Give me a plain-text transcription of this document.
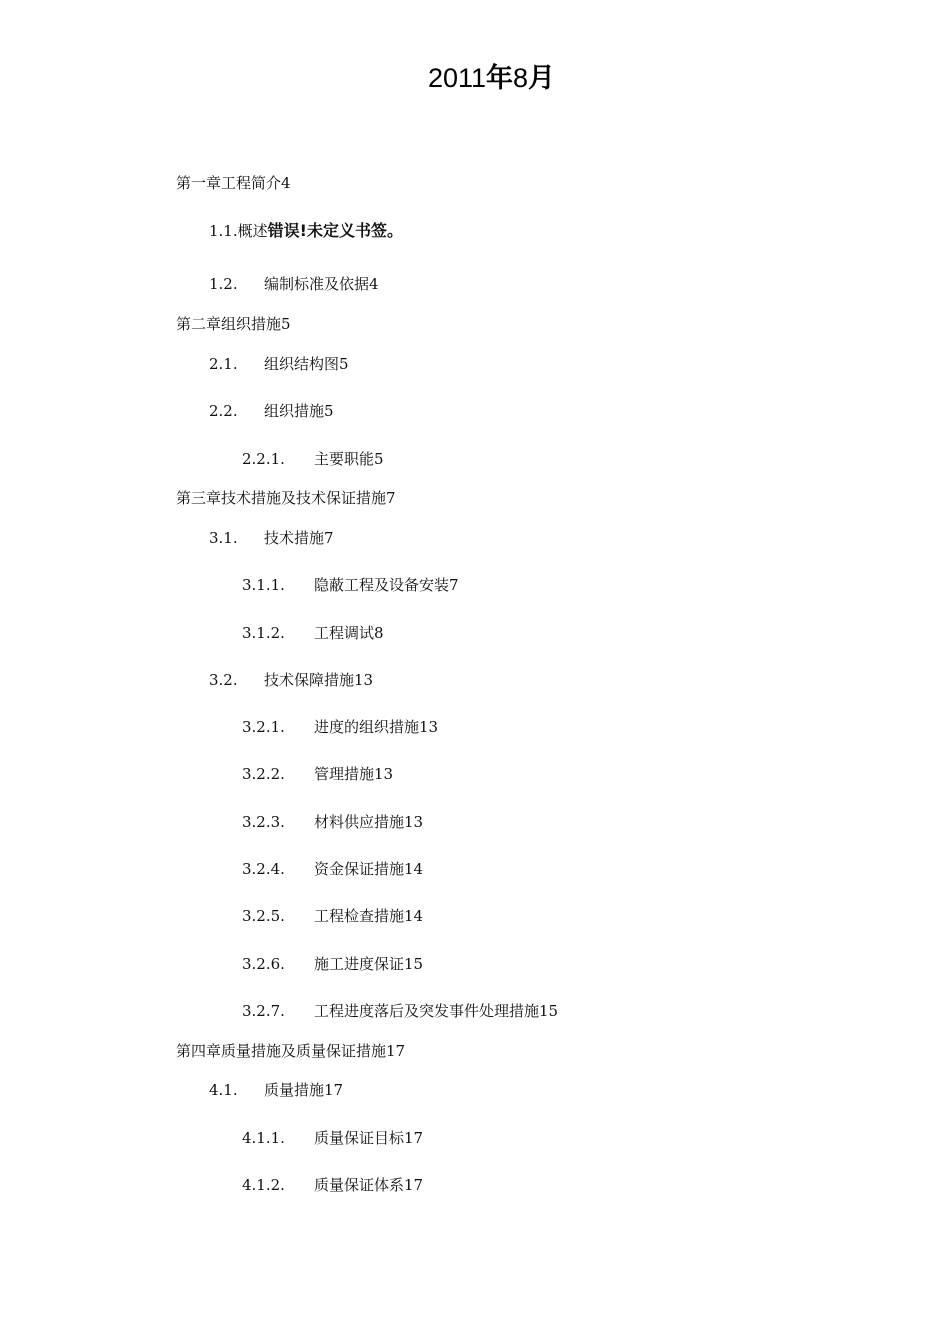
2011年8月
第一章工程简介4
1.1.概述错误!未定义书签。
1.2. 编制标准及依据4
第二章组织措施5
2.1. 组织结构图5
2.2. 组织措施5
2.2.1. 主要职能5
第三章技术措施及技术保证措施7
3.1. 技术措施7
3.1.1. 隐蔽工程及设备安装7
3.1.2. 工程调试8
3.2. 技术保障措施13
3.2.1. 进度的组织措施13
3.2.2. 管理措施13
3.2.3. 材料供应措施13
3.2.4. 资金保证措施14
3.2.5. 工程检查措施14
3.2.6. 施工进度保证15
3.2.7. 工程进度落后及突发事件处理措施15
第四章质量措施及质量保证措施17
4.1. 质量措施17
4.1.1. 质量保证目标17
4.1.2. 质量保证体系17
